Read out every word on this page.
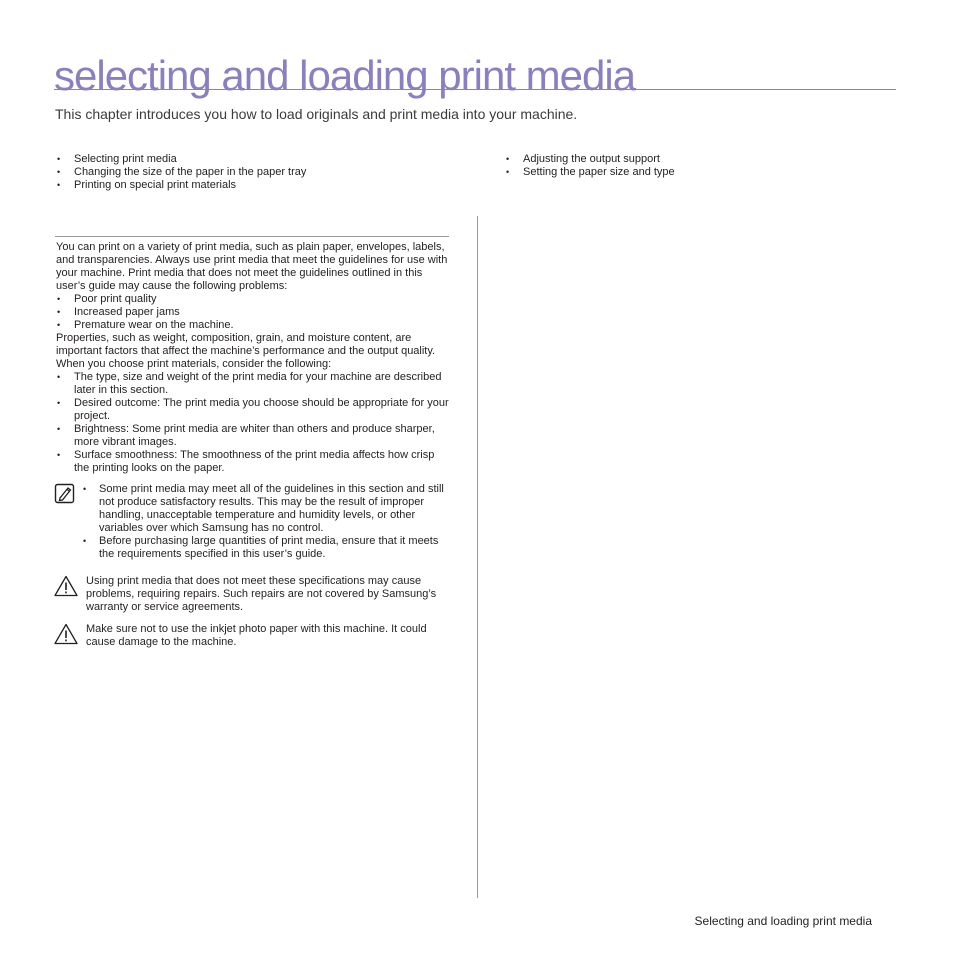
selecting and loading print media

This chapter introduces you how to load originals and print media into your machine.

• Selecting print media
• Changing the size of the paper in the paper tray
• Printing on special print materials
• Adjusting the output support
• Setting the paper size and type

You can print on a variety of print media, such as plain paper, envelopes, labels, and transparencies. Always use print media that meet the guidelines for use with your machine. Print media that does not meet the guidelines outlined in this user’s guide may cause the following problems:

• Poor print quality
• Increased paper jams
• Premature wear on the machine.

Properties, such as weight, composition, grain, and moisture content, are important factors that affect the machine’s performance and the output quality. When you choose print materials, consider the following:

• The type, size and weight of the print media for your machine are described later in this section.
• Desired outcome: The print media you choose should be appropriate for your project.
• Brightness: Some print media are whiter than others and produce sharper, more vibrant images.
• Surface smoothness: The smoothness of the print media affects how crisp the printing looks on the paper.
• Some print media may meet all of the guidelines in this section and still not produce satisfactory results. This may be the result of improper handling, unacceptable temperature and humidity levels, or other variables over which Samsung has no control.
• Before purchasing large quantities of print media, ensure that it meets the requirements specified in this user’s guide.

Using print media that does not meet these specifications may cause problems, requiring repairs. Such repairs are not covered by Samsung’s warranty or service agreements.

Make sure not to use the inkjet photo paper with this machine. It could cause damage to the machine.

Selecting and loading print media
